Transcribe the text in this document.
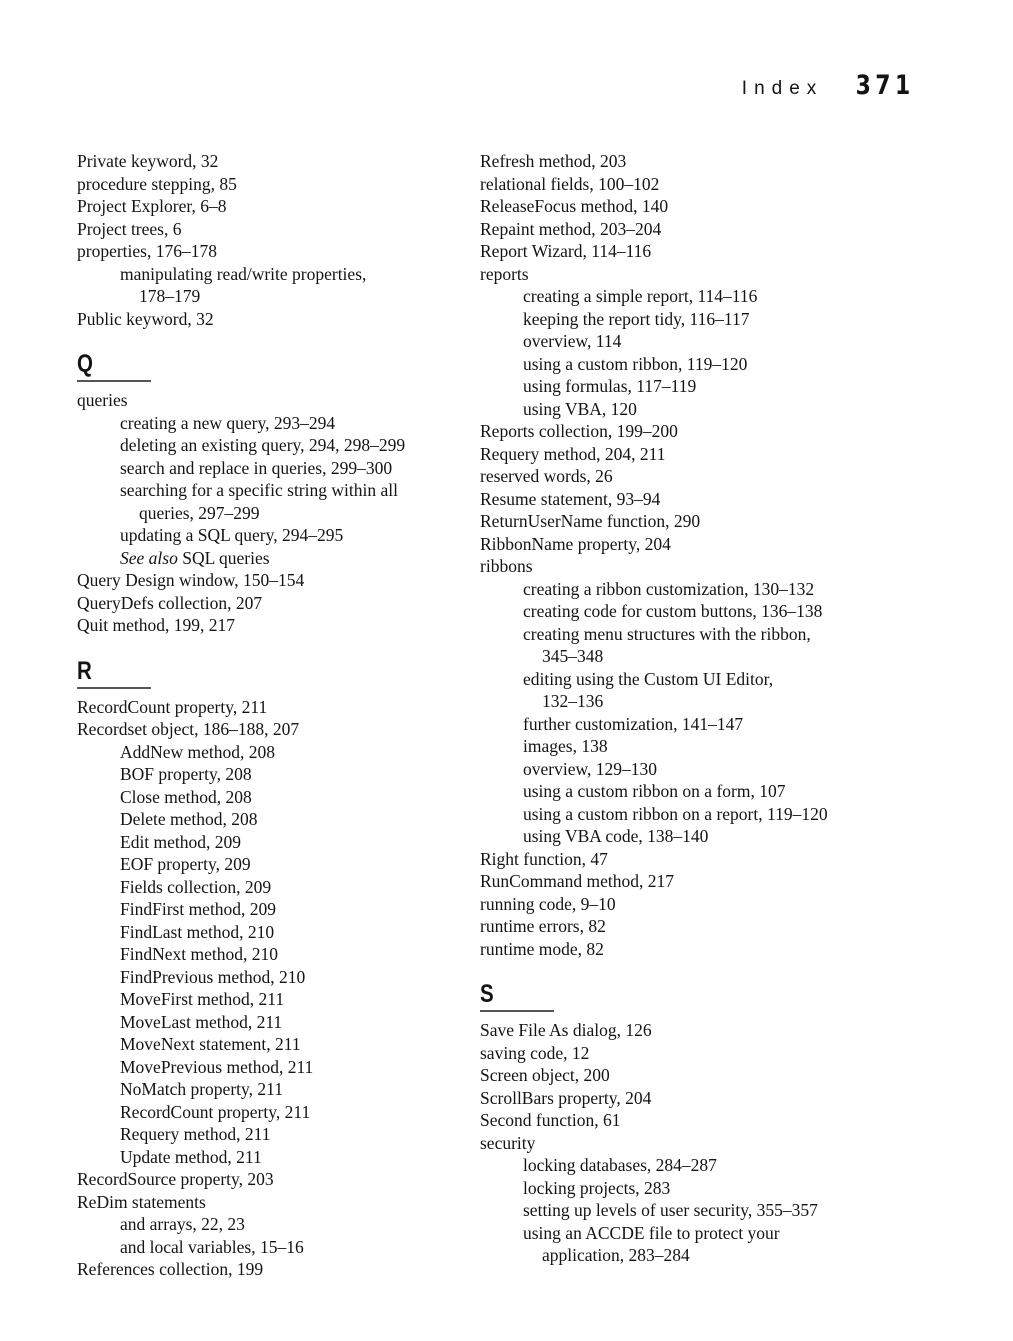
Index 371
Private keyword, 32
procedure stepping, 85
Project Explorer, 6–8
Project trees, 6
properties, 176–178
manipulating read/write properties,
178–179
Public keyword, 32
Q
queries
creating a new query, 293–294
deleting an existing query, 294, 298–299
search and replace in queries, 299–300
searching for a specific string within all
queries, 297–299
updating a SQL query, 294–295
See also SQL queries
Query Design window, 150–154
QueryDefs collection, 207
Quit method, 199, 217
R
RecordCount property, 211
Recordset object, 186–188, 207
AddNew method, 208
BOF property, 208
Close method, 208
Delete method, 208
Edit method, 209
EOF property, 209
Fields collection, 209
FindFirst method, 209
FindLast method, 210
FindNext method, 210
FindPrevious method, 210
MoveFirst method, 211
MoveLast method, 211
MoveNext statement, 211
MovePrevious method, 211
NoMatch property, 211
RecordCount property, 211
Requery method, 211
Update method, 211
RecordSource property, 203
ReDim statements
and arrays, 22, 23
and local variables, 15–16
References collection, 199
Refresh method, 203
relational fields, 100–102
ReleaseFocus method, 140
Repaint method, 203–204
Report Wizard, 114–116
reports
creating a simple report, 114–116
keeping the report tidy, 116–117
overview, 114
using a custom ribbon, 119–120
using formulas, 117–119
using VBA, 120
Reports collection, 199–200
Requery method, 204, 211
reserved words, 26
Resume statement, 93–94
ReturnUserName function, 290
RibbonName property, 204
ribbons
creating a ribbon customization, 130–132
creating code for custom buttons, 136–138
creating menu structures with the ribbon,
345–348
editing using the Custom UI Editor,
132–136
further customization, 141–147
images, 138
overview, 129–130
using a custom ribbon on a form, 107
using a custom ribbon on a report, 119–120
using VBA code, 138–140
Right function, 47
RunCommand method, 217
running code, 9–10
runtime errors, 82
runtime mode, 82
S
Save File As dialog, 126
saving code, 12
Screen object, 200
ScrollBars property, 204
Second function, 61
security
locking databases, 284–287
locking projects, 283
setting up levels of user security, 355–357
using an ACCDE file to protect your
application, 283–284
